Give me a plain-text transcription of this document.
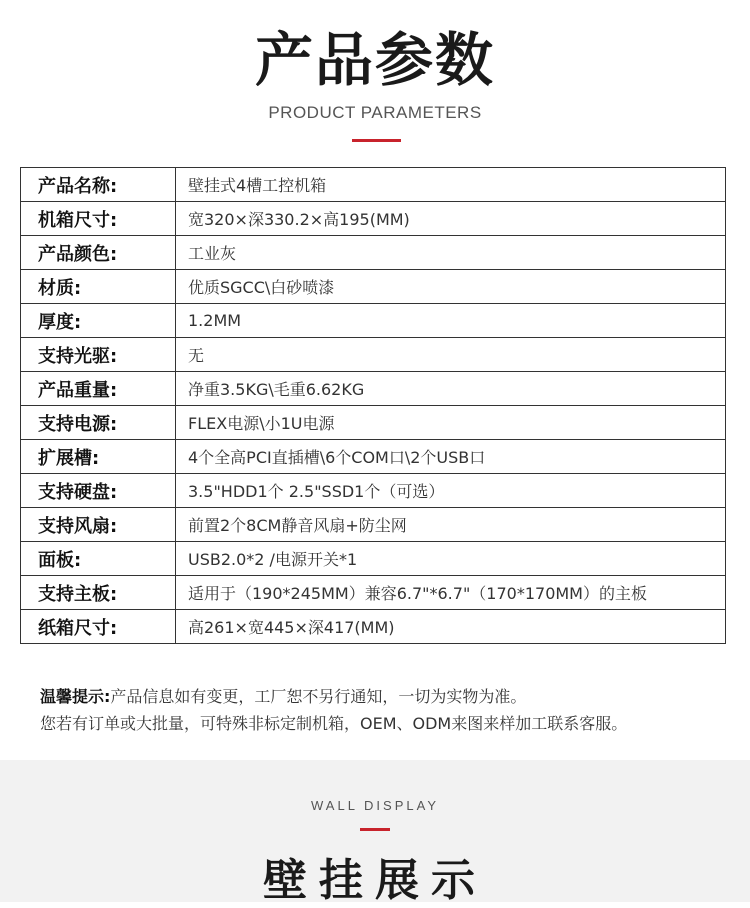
产品参数
PRODUCT PARAMETERS
产品名称:	壁挂式4槽工控机箱
机箱尺寸:	宽320×深330.2×高195(MM)
产品颜色:	工业灰
材质:	优质SGCC\白砂喷漆
厚度:	1.2MM
支持光驱:	无
产品重量:	净重3.5KG\毛重6.62KG
支持电源:	FLEX电源\小1U电源
扩展槽:	4个全高PCI直插槽\6个COM口\2个USB口
支持硬盘:	3.5"HDD1个 2.5"SSD1个（可选）
支持风扇:	前置2个8CM静音风扇+防尘网
面板:	USB2.0*2 /电源开关*1
支持主板:	适用于（190*245MM）兼容6.7"*6.7"（170*170MM）的主板
纸箱尺寸:	高261×宽445×深417(MM)
温馨提示:产品信息如有变更，工厂恕不另行通知，一切为实物为准。
您若有订单或大批量，可特殊非标定制机箱，OEM、ODM来图来样加工联系客服。
WALL DISPLAY
壁挂展示
